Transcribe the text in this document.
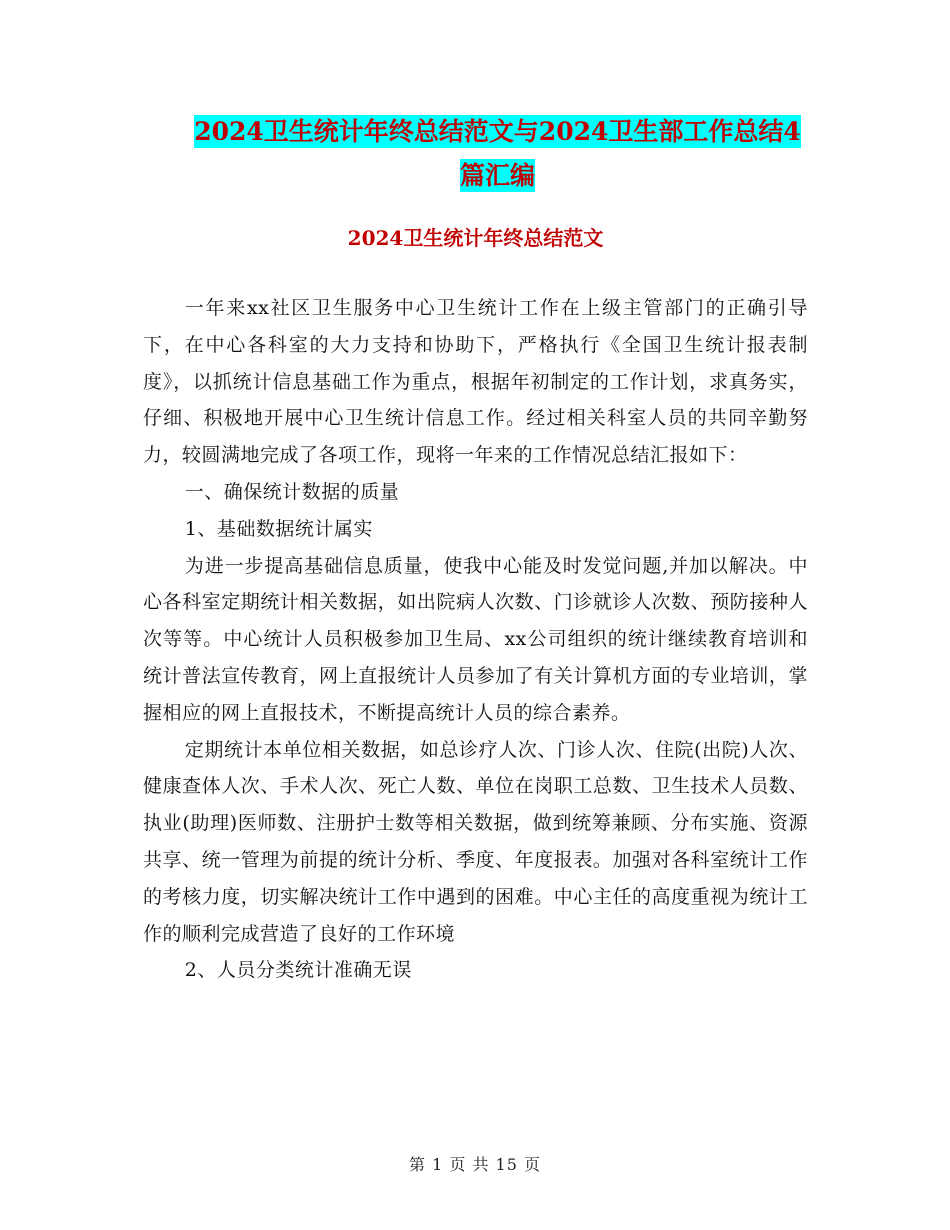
2024卫生统计年终总结范文与2024卫生部工作总结4
篇汇编
2024卫生统计年终总结范文

一年来xx社区卫生服务中心卫生统计工作在上级主管部门的正确引导下，在中心各科室的大力支持和协助下，严格执行《全国卫生统计报表制度》，以抓统计信息基础工作为重点，根据年初制定的工作计划，求真务实，仔细、积极地开展中心卫生统计信息工作。经过相关科室人员的共同辛勤努力，较圆满地完成了各项工作，现将一年来的工作情况总结汇报如下：

一、确保统计数据的质量

1、基础数据统计属实

为进一步提高基础信息质量，使我中心能及时发觉问题,并加以解决。中心各科室定期统计相关数据，如出院病人次数、门诊就诊人次数、预防接种人次等等。中心统计人员积极参加卫生局、xx公司组织的统计继续教育培训和统计普法宣传教育，网上直报统计人员参加了有关计算机方面的专业培训，掌握相应的网上直报技术，不断提高统计人员的综合素养。

定期统计本单位相关数据，如总诊疗人次、门诊人次、住院(出院)人次、健康查体人次、手术人次、死亡人数、单位在岗职工总数、卫生技术人员数、执业(助理)医师数、注册护士数等相关数据，做到统筹兼顾、分布实施、资源共享、统一管理为前提的统计分析、季度、年度报表。加强对各科室统计工作的考核力度，切实解决统计工作中遇到的困难。中心主任的高度重视为统计工作的顺利完成营造了良好的工作环境

2、人员分类统计准确无误

第 1 页 共 15 页
